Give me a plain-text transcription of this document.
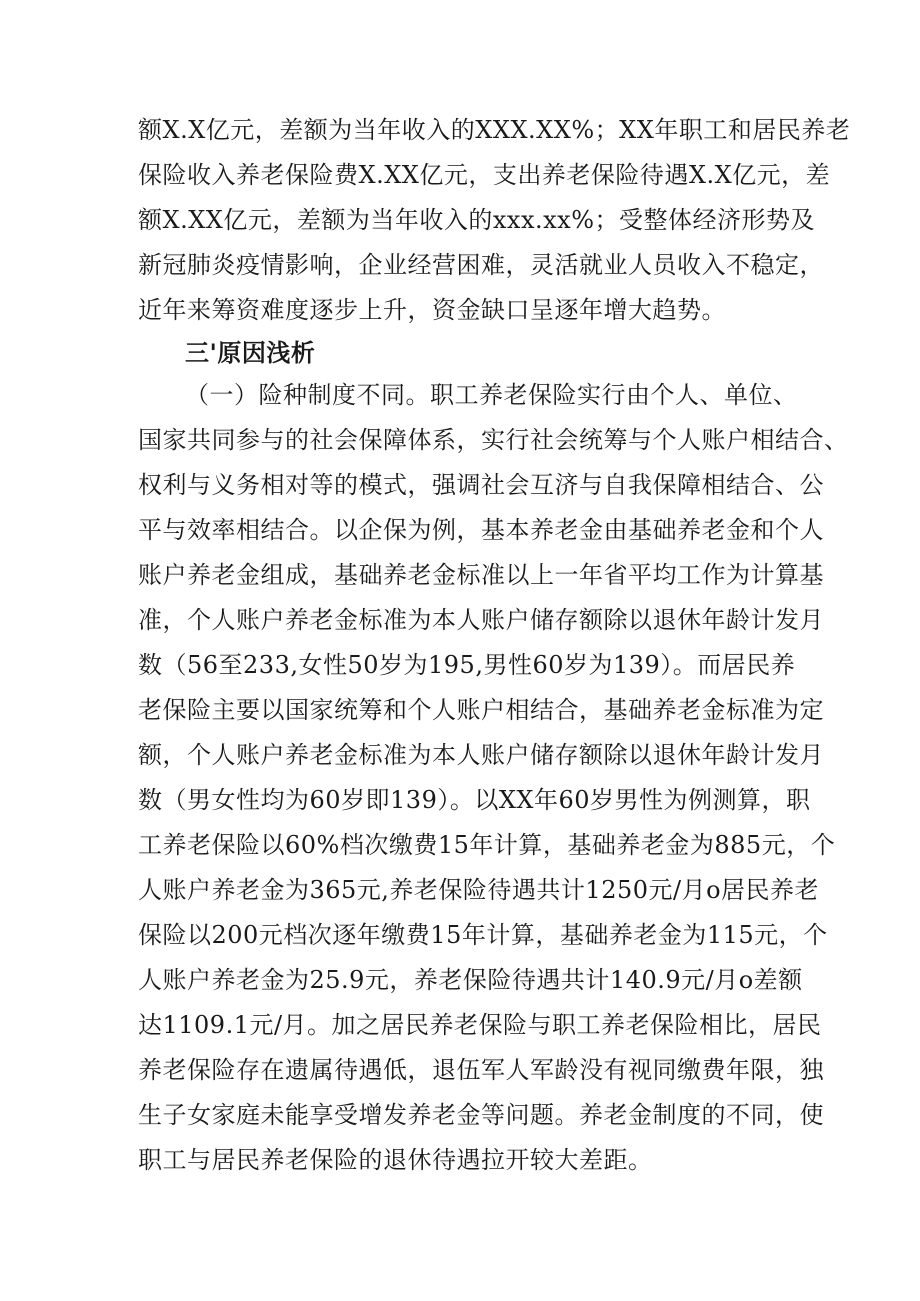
额X.X亿元，差额为当年收入的XXX.XX%；XX年职工和居民养老
保险收入养老保险费X.XX亿元，支出养老保险待遇X.X亿元，差
额X.XX亿元，差额为当年收入的xxx.xx%；受整体经济形势及
新冠肺炎疫情影响，企业经营困难，灵活就业人员收入不稳定，
近年来筹资难度逐步上升，资金缺口呈逐年增大趋势。
三'原因浅析
（一）险种制度不同。职工养老保险实行由个人、单位、
国家共同参与的社会保障体系，实行社会统筹与个人账户相结合、
权利与义务相对等的模式，强调社会互济与自我保障相结合、公
平与效率相结合。以企保为例，基本养老金由基础养老金和个人
账户养老金组成，基础养老金标准以上一年省平均工作为计算基
准，个人账户养老金标准为本人账户储存额除以退休年龄计发月
数（56至233,女性50岁为195,男性60岁为139）。而居民养
老保险主要以国家统筹和个人账户相结合，基础养老金标准为定
额，个人账户养老金标准为本人账户储存额除以退休年龄计发月
数（男女性均为60岁即139）。以XX年60岁男性为例测算，职
工养老保险以60%档次缴费15年计算，基础养老金为885元，个
人账户养老金为365元,养老保险待遇共计1250元/月o居民养老
保险以200元档次逐年缴费15年计算，基础养老金为115元，个
人账户养老金为25.9元，养老保险待遇共计140.9元/月o差额
达1109.1元/月。加之居民养老保险与职工养老保险相比，居民
养老保险存在遗属待遇低，退伍军人军龄没有视同缴费年限，独
生子女家庭未能享受增发养老金等问题。养老金制度的不同，使
职工与居民养老保险的退休待遇拉开较大差距。
